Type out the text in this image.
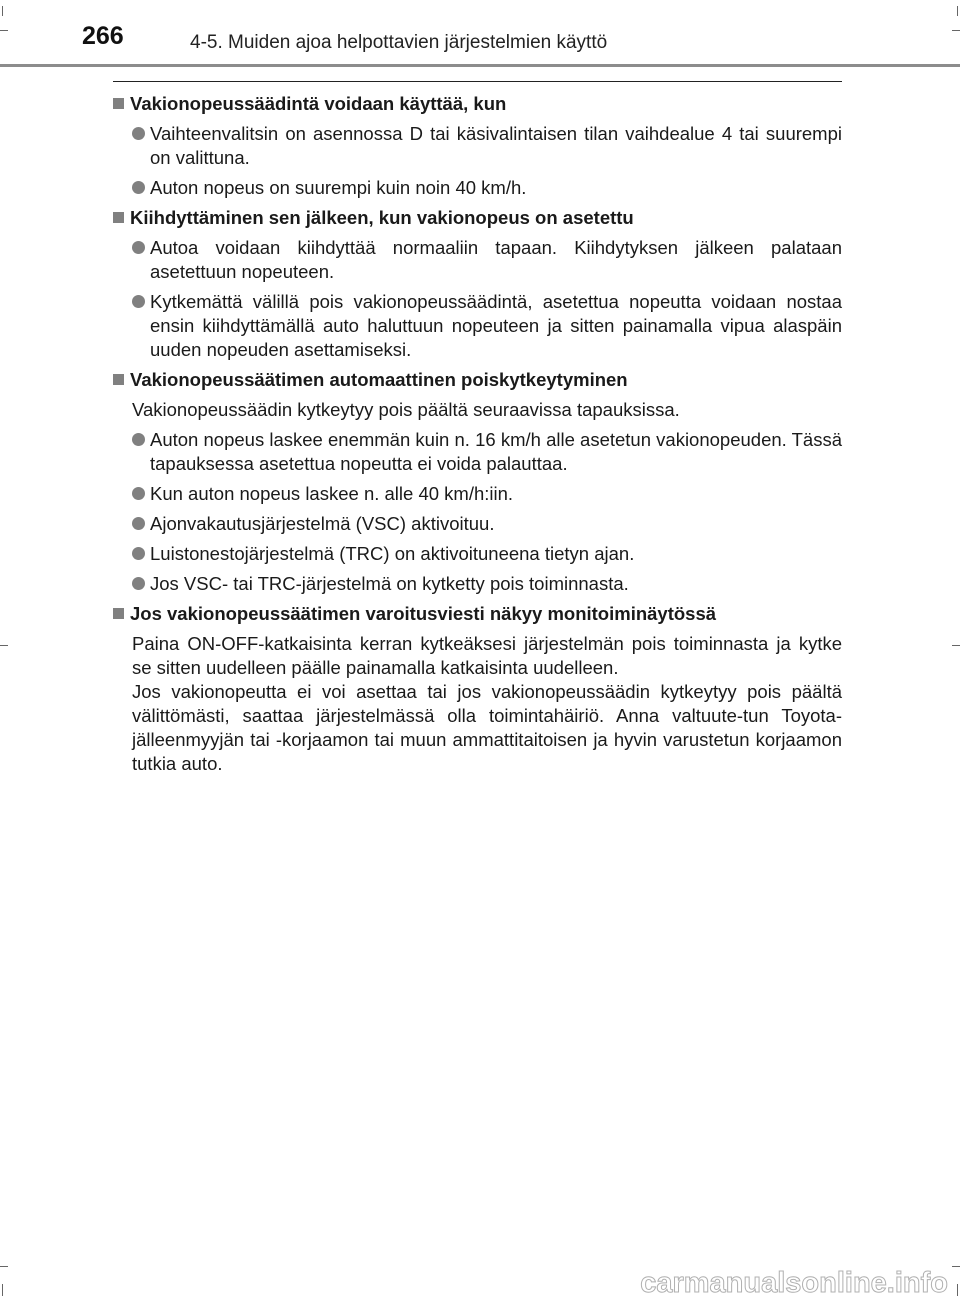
266	4-5. Muiden ajoa helpottavien järjestelmien käyttö
Vakionopeussäädintä voidaan käyttää, kun
Vaihteenvalitsin on asennossa D tai käsivalintaisen tilan vaihdealue 4 tai suurempi on valittuna.
Auton nopeus on suurempi kuin noin 40 km/h.
Kiihdyttäminen sen jälkeen, kun vakionopeus on asetettu
Autoa voidaan kiihdyttää normaaliin tapaan. Kiihdytyksen jälkeen palataan asetettuun nopeuteen.
Kytkemättä välillä pois vakionopeussäädintä, asetettua nopeutta voidaan nostaa ensin kiihdyttämällä auto haluttuun nopeuteen ja sitten painamalla vipua alaspäin uuden nopeuden asettamiseksi.
Vakionopeussäätimen automaattinen poiskytkeytyminen
Vakionopeussäädin kytkeytyy pois päältä seuraavissa tapauksissa.
Auton nopeus laskee enemmän kuin n. 16 km/h alle asetetun vakionopeuden. Tässä tapauksessa asetettua nopeutta ei voida palauttaa.
Kun auton nopeus laskee n. alle 40 km/h:iin.
Ajonvakautusjärjestelmä (VSC) aktivoituu.
Luistonestojärjestelmä (TRC) on aktivoituneena tietyn ajan.
Jos VSC- tai TRC-järjestelmä on kytketty pois toiminnasta.
Jos vakionopeussäätimen varoitusviesti näkyy monitoiminäytössä
Paina ON-OFF-katkaisinta kerran kytkeäksesi järjestelmän pois toiminnasta ja kytke se sitten uudelleen päälle painamalla katkaisinta uudelleen.
Jos vakionopeutta ei voi asettaa tai jos vakionopeussäädin kytkeytyy pois päältä välittömästi, saattaa järjestelmässä olla toimintahäiriö. Anna valtuute-tun Toyota-jälleenmyyjän tai -korjaamon tai muun ammattitaitoisen ja hyvin varustetun korjaamon tutkia auto.
carmanualsonline.info
